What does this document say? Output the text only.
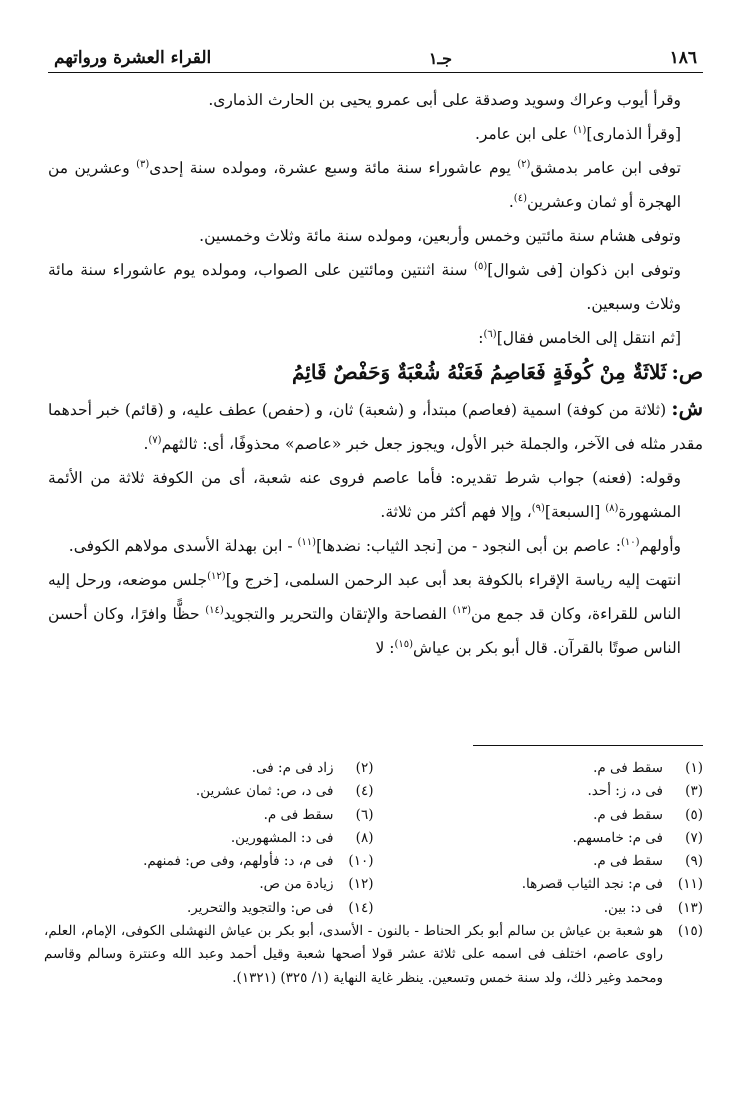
١٨٦
جـ١
القراء العشرة ورواتهم

وقرأ أيوب وعراك وسويد وصدقة على أبى عمرو يحيى بن الحارث الذمارى.

[وقرأ الذمارى]$^{(١)}$ على ابن عامر.

توفى ابن عامر بدمشق$^{(٢)}$ يوم عاشوراء سنة مائة وسبع عشرة، ومولده سنة إحدى$^{(٣)}$ وعشرين من الهجرة أو ثمان وعشرين$^{(٤)}$.

وتوفى هشام سنة مائتين وخمس وأربعين، ومولده سنة مائة وثلاث وخمسين.

وتوفى ابن ذكوان [فى شوال]$^{(٥)}$ سنة اثنتين ومائتين على الصواب، ومولده يوم عاشوراء سنة مائة وثلاث وسبعين.

[ثم انتقل إلى الخامس فقال]$^{(٦)}$:

ص: ثَلاثَةٌ مِنْ كُوفَةٍ فَعَاصِمُ فَعَنْهُ شُعْبَةٌ وَحَفْصٌ قَائِمُ

ش: (ثلاثة من كوفة) اسمية (فعاصم) مبتدأ، و (شعبة) ثان، و (حفص) عطف عليه، و (قائم) خبر أحدهما مقدر مثله فى الآخر، والجملة خبر الأول، ويجوز جعل خبر «عاصم» محذوفًا، أى: ثالثهم$^{(٧)}$.

وقوله: (فعنه) جواب شرط تقديره: فأما عاصم فروى عنه شعبة، أى من الكوفة ثلاثة من الأئمة المشهورة$^{(٨)}$ [السبعة]$^{(٩)}$، وإلا فهم أكثر من ثلاثة.

وأولهم$^{(١٠)}$: عاصم بن أبى النجود - من [نجد الثياب: نضدها]$^{(١١)}$ - ابن بهدلة الأسدى مولاهم الكوفى.

انتهت إليه رياسة الإقراء بالكوفة بعد أبى عبد الرحمن السلمى، [خرج و]$^{(١٢)}$جلس موضعه، ورحل إليه الناس للقراءة، وكان قد جمع من$^{(١٣)}$ الفصاحة والإتقان والتحرير والتجويد$^{(١٤)}$ حظًّا وافرًا، وكان أحسن الناس صوتًا بالقرآن. قال أبو بكر بن عياش$^{(١٥)}$: لا

(١)
سقط فى م.
(٢)
زاد فى م: فى.
(٣)
فى د، ز: أحد.
(٤)
فى د، ص: ثمان عشرين.
(٥)
سقط فى م.
(٦)
سقط فى م.
(٧)
فى م: خامسهم.
(٨)
فى د: المشهورين.
(٩)
سقط فى م.
(١٠)
فى م، د: فأولهم، وفى ص: فمنهم.
(١١)
فى م: نجد الثياب قصرها.
(١٢)
زيادة من ص.
(١٣)
فى د: بين.
(١٤)
فى ص: والتجويد والتحرير.
(١٥)
هو شعبة بن عياش بن سالم أبو بكر الحناط - بالنون - الأسدى، أبو بكر بن عياش النهشلى الكوفى، الإمام، العلم، راوى عاصم، اختلف فى اسمه على ثلاثة عشر قولا أصحها شعبة وقيل أحمد وعبد الله وعنترة وسالم وقاسم ومحمد وغير ذلك، ولد سنة خمس وتسعين. ينظر غاية النهاية (١/ ٣٢٥) (١٣٢١).
